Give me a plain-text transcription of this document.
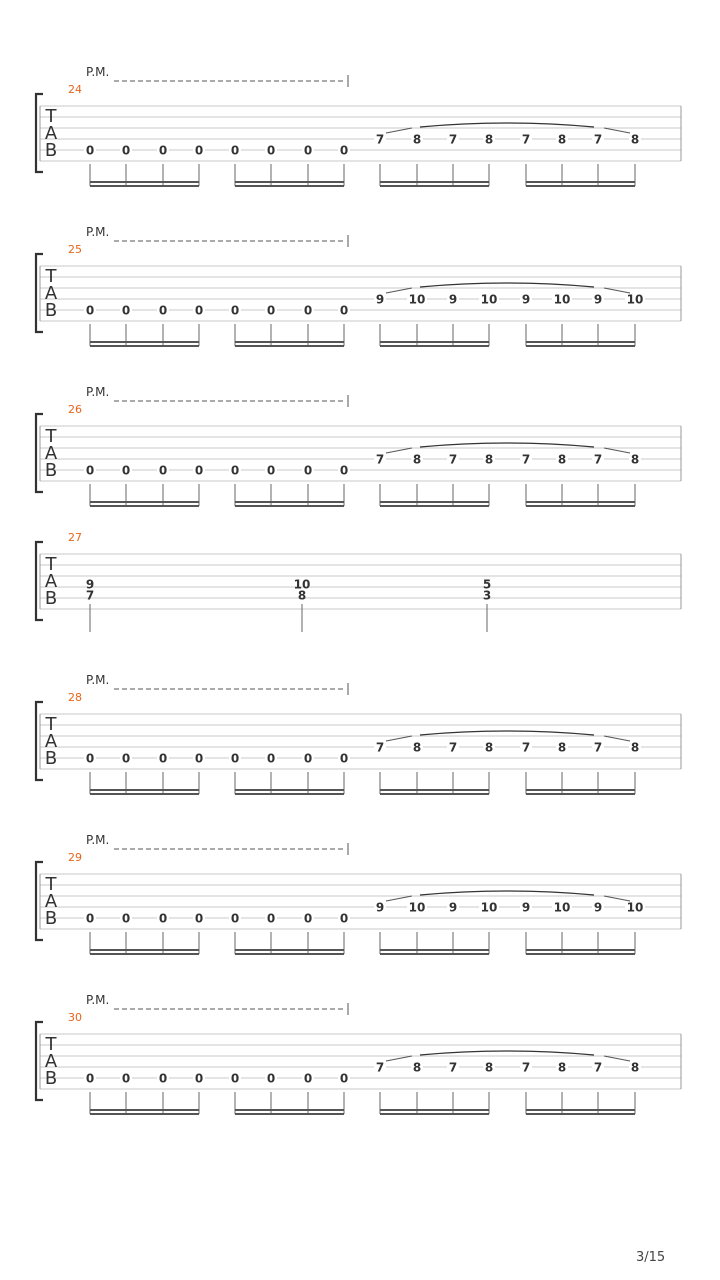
P.M.
24
T
A
B 0 0 0 0 0 0 0 0
7 8 7 8 7 8 7 8
P.M.
25
T
A
B 0 0 0 0 0 0 0 0
9 10 9 10 9 10 9 10
P.M.
26
T
A
B 0 0 0 0 0 0 0 0
7 8 7 8 7 8 7 8
27
T
A
B
9
7
10
8
5
3
P.M.
28
T
A
B 0 0 0 0 0 0 0 0
7 8 7 8 7 8 7 8
P.M.
29
T
A
B 0 0 0 0 0 0 0 0
9 10 9 10 9 10 9 10
P.M.
30
T
A
B 0 0 0 0 0 0 0 0
7 8 7 8 7 8 7 8
3/15
